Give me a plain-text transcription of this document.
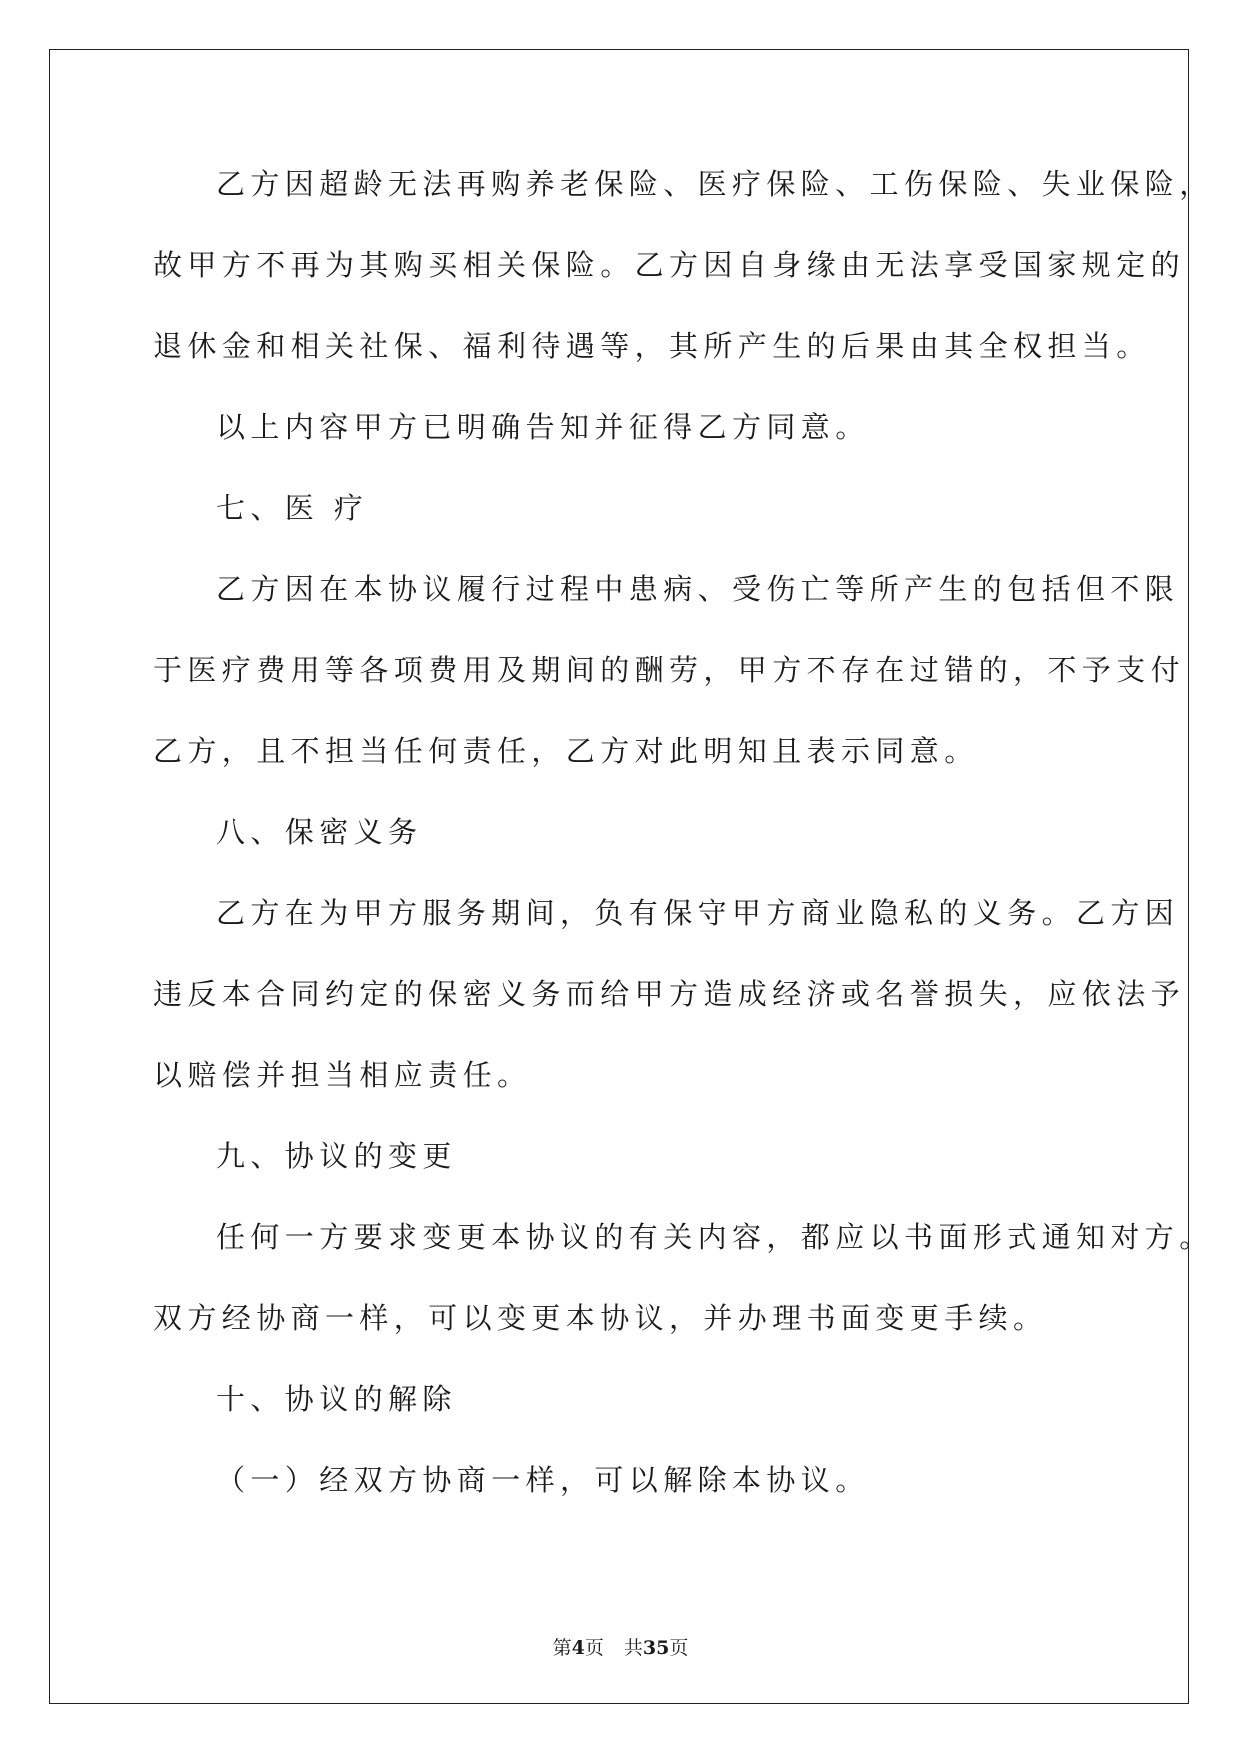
乙方因超龄无法再购养老保险、医疗保险、工伤保险、失业保险，
故甲方不再为其购买相关保险。乙方因自身缘由无法享受国家规定的
退休金和相关社保、福利待遇等，其所产生的后果由其全权担当。
以上内容甲方已明确告知并征得乙方同意。
七、医 疗
乙方因在本协议履行过程中患病、受伤亡等所产生的包括但不限
于医疗费用等各项费用及期间的酬劳，甲方不存在过错的，不予支付
乙方，且不担当任何责任，乙方对此明知且表示同意。
八、保密义务
乙方在为甲方服务期间，负有保守甲方商业隐私的义务。乙方因
违反本合同约定的保密义务而给甲方造成经济或名誉损失，应依法予
以赔偿并担当相应责任。
九、协议的变更
任何一方要求变更本协议的有关内容，都应以书面形式通知对方。
双方经协商一样，可以变更本协议，并办理书面变更手续。
十、协议的解除
（一）经双方协商一样，可以解除本协议。
第4页 共35页
